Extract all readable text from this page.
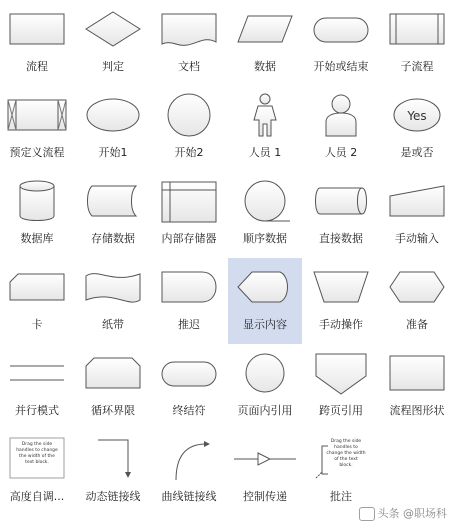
流程	判定	文档	数据	开始或结束	子流程
预定义流程	开始1	开始2	人员 1	人员 2
Yes
是或否
数据库	存储数据	内部存储器	顺序数据	直接数据	手动输入
卡	纸带	推迟	显示内容	手动操作	准备
并行模式	循环界限	终结符	页面内引用	跨页引用	流程图形状
Drag the side
handles to change
the width of the
text block.
高度自调...	动态链接线	曲线链接线	控制传递
Drag the side
handles to
change the width
of the text
block.
批注
头条 @职场科
